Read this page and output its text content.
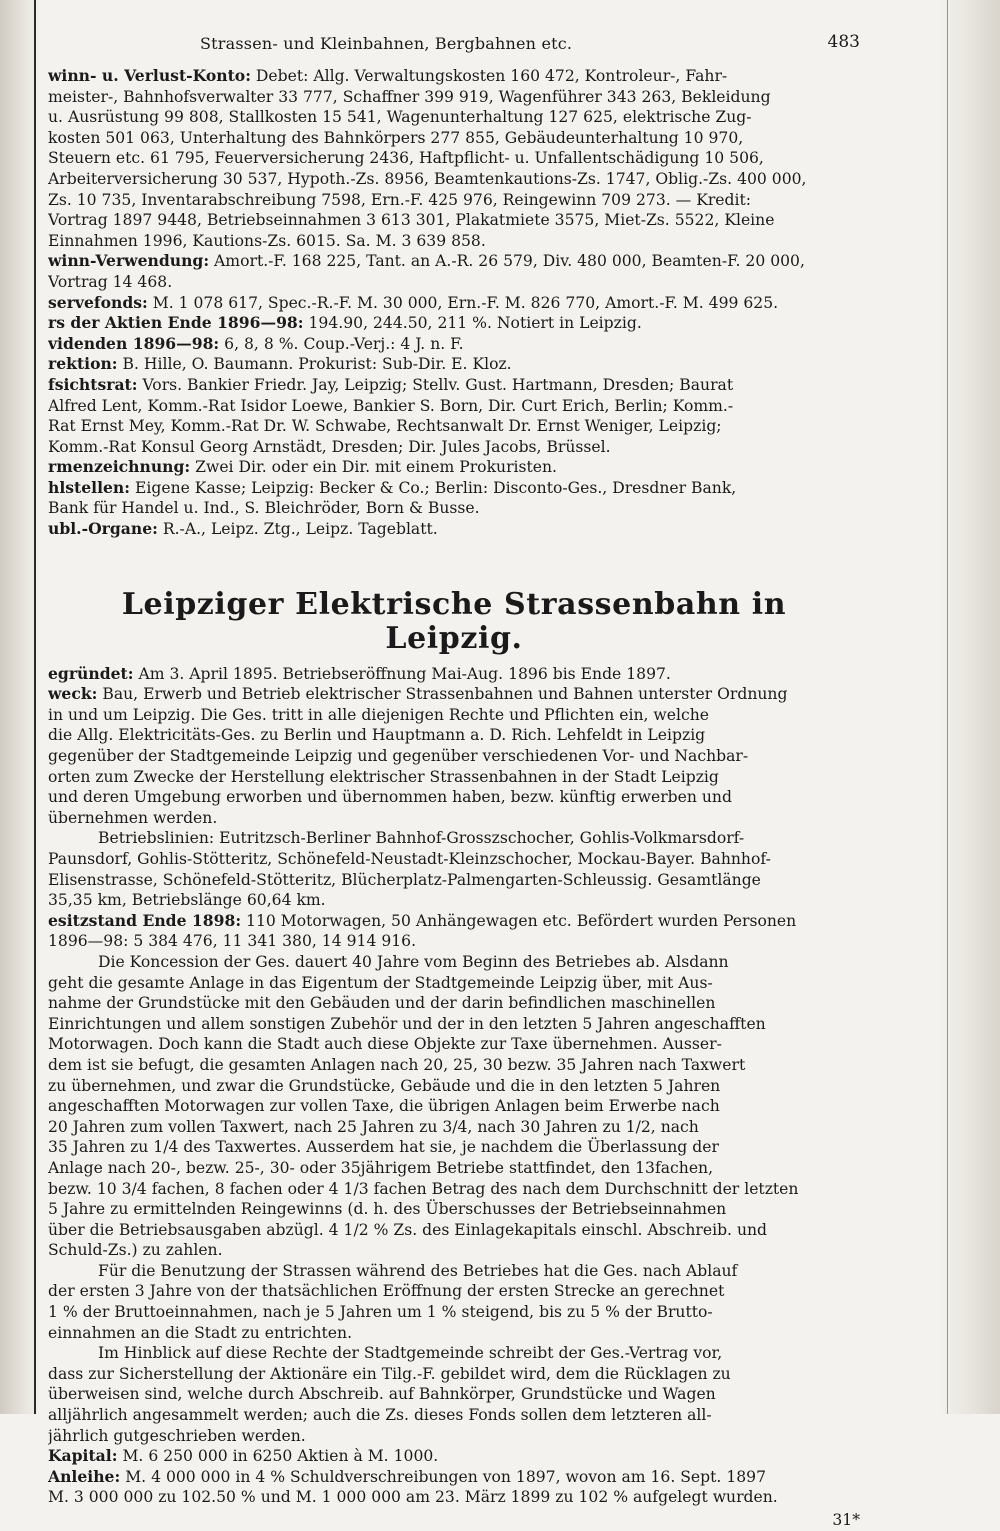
Strassen- und Kleinbahnen, Bergbahnen etc.	483

winn- u. Verlust-Konto: Debet: Allg. Verwaltungskosten 160 472, Kontroleur-, Fahr-

meister-, Bahnhofsverwalter 33 777, Schaffner 399 919, Wagenführer 343 263, Bekleidung

u. Ausrüstung 99 808, Stallkosten 15 541, Wagenunterhaltung 127 625, elektrische Zug-

kosten 501 063, Unterhaltung des Bahnkörpers 277 855, Gebäudeunterhaltung 10 970,

Steuern etc. 61 795, Feuerversicherung 2436, Haftpflicht- u. Unfallentschädigung 10 506,

Arbeiterversicherung 30 537, Hypoth.-Zs. 8956, Beamtenkautions-Zs. 1747, Oblig.-Zs. 400 000,

Zs. 10 735, Inventarabschreibung 7598, Ern.-F. 425 976, Reingewinn 709 273. — Kredit:

Vortrag 1897 9448, Betriebseinnahmen 3 613 301, Plakatmiete 3575, Miet-Zs. 5522, Kleine

Einnahmen 1996, Kautions-Zs. 6015. Sa. M. 3 639 858.

winn-Verwendung: Amort.-F. 168 225, Tant. an A.-R. 26 579, Div. 480 000, Beamten-F. 20 000,

Vortrag 14 468.

servefonds: M. 1 078 617, Spec.-R.-F. M. 30 000, Ern.-F. M. 826 770, Amort.-F. M. 499 625.

rs der Aktien Ende 1896—98: 194.90, 244.50, 211 %. Notiert in Leipzig.

videnden 1896—98: 6, 8, 8 %. Coup.-Verj.: 4 J. n. F.

rektion: B. Hille, O. Baumann. Prokurist: Sub-Dir. E. Kloz.

fsichtsrat: Vors. Bankier Friedr. Jay, Leipzig; Stellv. Gust. Hartmann, Dresden; Baurat

Alfred Lent, Komm.-Rat Isidor Loewe, Bankier S. Born, Dir. Curt Erich, Berlin; Komm.-

Rat Ernst Mey, Komm.-Rat Dr. W. Schwabe, Rechtsanwalt Dr. Ernst Weniger, Leipzig;

Komm.-Rat Konsul Georg Arnstädt, Dresden; Dir. Jules Jacobs, Brüssel.

rmenzeichnung: Zwei Dir. oder ein Dir. mit einem Prokuristen.

hlstellen: Eigene Kasse; Leipzig: Becker & Co.; Berlin: Disconto-Ges., Dresdner Bank,

Bank für Handel u. Ind., S. Bleichröder, Born & Busse.

ubl.-Organe: R.-A., Leipz. Ztg., Leipz. Tageblatt.

Leipziger Elektrische Strassenbahn in Leipzig.

egründet: Am 3. April 1895. Betriebseröffnung Mai-Aug. 1896 bis Ende 1897.

weck: Bau, Erwerb und Betrieb elektrischer Strassenbahnen und Bahnen unterster Ordnung

in und um Leipzig. Die Ges. tritt in alle diejenigen Rechte und Pflichten ein, welche

die Allg. Elektricitäts-Ges. zu Berlin und Hauptmann a. D. Rich. Lehfeldt in Leipzig

gegenüber der Stadtgemeinde Leipzig und gegenüber verschiedenen Vor- und Nachbar-

orten zum Zwecke der Herstellung elektrischer Strassenbahnen in der Stadt Leipzig

und deren Umgebung erworben und übernommen haben, bezw. künftig erwerben und

übernehmen werden.

Betriebslinien: Eutritzsch-Berliner Bahnhof-Grosszschocher, Gohlis-Volkmarsdorf-

Paunsdorf, Gohlis-Stötteritz, Schönefeld-Neustadt-Kleinzschocher, Mockau-Bayer. Bahnhof-

Elisenstrasse, Schönefeld-Stötteritz, Blücherplatz-Palmengarten-Schleussig. Gesamtlänge

35,35 km, Betriebslänge 60,64 km.

esitzstand Ende 1898: 110 Motorwagen, 50 Anhängewagen etc. Befördert wurden Personen

1896—98: 5 384 476, 11 341 380, 14 914 916.

Die Koncession der Ges. dauert 40 Jahre vom Beginn des Betriebes ab. Alsdann

geht die gesamte Anlage in das Eigentum der Stadtgemeinde Leipzig über, mit Aus-

nahme der Grundstücke mit den Gebäuden und der darin befindlichen maschinellen

Einrichtungen und allem sonstigen Zubehör und der in den letzten 5 Jahren angeschafften

Motorwagen. Doch kann die Stadt auch diese Objekte zur Taxe übernehmen. Ausser-

dem ist sie befugt, die gesamten Anlagen nach 20, 25, 30 bezw. 35 Jahren nach Taxwert

zu übernehmen, und zwar die Grundstücke, Gebäude und die in den letzten 5 Jahren

angeschafften Motorwagen zur vollen Taxe, die übrigen Anlagen beim Erwerbe nach

20 Jahren zum vollen Taxwert, nach 25 Jahren zu 3/4, nach 30 Jahren zu 1/2, nach

35 Jahren zu 1/4 des Taxwertes. Ausserdem hat sie, je nachdem die Überlassung der

Anlage nach 20-, bezw. 25-, 30- oder 35jährigem Betriebe stattfindet, den 13fachen,

bezw. 10 3/4 fachen, 8 fachen oder 4 1/3 fachen Betrag des nach dem Durchschnitt der letzten

5 Jahre zu ermittelnden Reingewinns (d. h. des Überschusses der Betriebseinnahmen

über die Betriebsausgaben abzügl. 4 1/2 % Zs. des Einlagekapitals einschl. Abschreib. und

Schuld-Zs.) zu zahlen.

Für die Benutzung der Strassen während des Betriebes hat die Ges. nach Ablauf

der ersten 3 Jahre von der thatsächlichen Eröffnung der ersten Strecke an gerechnet

1 % der Bruttoeinnahmen, nach je 5 Jahren um 1 % steigend, bis zu 5 % der Brutto-

einnahmen an die Stadt zu entrichten.

Im Hinblick auf diese Rechte der Stadtgemeinde schreibt der Ges.-Vertrag vor,

dass zur Sicherstellung der Aktionäre ein Tilg.-F. gebildet wird, dem die Rücklagen zu

überweisen sind, welche durch Abschreib. auf Bahnkörper, Grundstücke und Wagen

alljährlich angesammelt werden; auch die Zs. dieses Fonds sollen dem letzteren all-

jährlich gutgeschrieben werden.

Kapital: M. 6 250 000 in 6250 Aktien à M. 1000.

Anleihe: M. 4 000 000 in 4 % Schuldverschreibungen von 1897, wovon am 16. Sept. 1897

M. 3 000 000 zu 102.50 % und M. 1 000 000 am 23. März 1899 zu 102 % aufgelegt wurden.

31*
